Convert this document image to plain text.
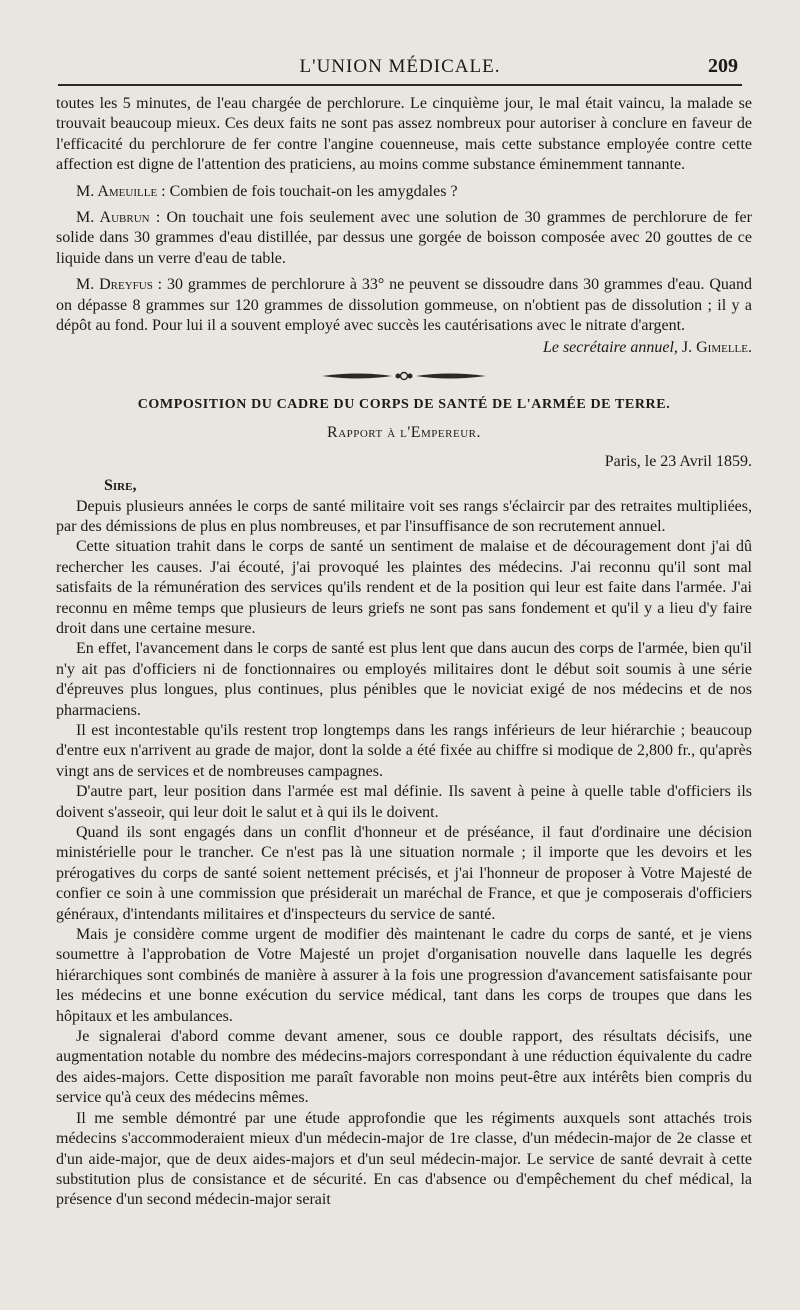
L'UNION MÉDICALE.	209

toutes les 5 minutes, de l'eau chargée de perchlorure. Le cinquième jour, le mal était vaincu, la malade se trouvait beaucoup mieux. Ces deux faits ne sont pas assez nombreux pour autoriser à conclure en faveur de l'efficacité du perchlorure de fer contre l'angine couenneuse, mais cette substance employée contre cette affection est digne de l'attention des praticiens, au moins comme substance éminemment tannante.

M. Ameuille : Combien de fois touchait-on les amygdales ?

M. Aubrun : On touchait une fois seulement avec une solution de 30 grammes de perchlorure de fer solide dans 30 grammes d'eau distillée, par dessus une gorgée de boisson composée avec 20 gouttes de ce liquide dans un verre d'eau de table.

M. Dreyfus : 30 grammes de perchlorure à 33° ne peuvent se dissoudre dans 30 grammes d'eau. Quand on dépasse 8 grammes sur 120 grammes de dissolution gommeuse, on n'obtient pas de dissolution ; il y a dépôt au fond. Pour lui il a souvent employé avec succès les cautérisations avec le nitrate d'argent.

Le secrétaire annuel, J. Gimelle.

COMPOSITION DU CADRE DU CORPS DE SANTÉ DE L'ARMÉE DE TERRE.

Rapport à l'Empereur.

Paris, le 23 Avril 1859.

Sire,

Depuis plusieurs années le corps de santé militaire voit ses rangs s'éclaircir par des retraites multipliées, par des démissions de plus en plus nombreuses, et par l'insuffisance de son recrutement annuel.

Cette situation trahit dans le corps de santé un sentiment de malaise et de découragement dont j'ai dû rechercher les causes. J'ai écouté, j'ai provoqué les plaintes des médecins. J'ai reconnu qu'il sont mal satisfaits de la rémunération des services qu'ils rendent et de la position qui leur est faite dans l'armée. J'ai reconnu en même temps que plusieurs de leurs griefs ne sont pas sans fondement et qu'il y a lieu d'y faire droit dans une certaine mesure.

En effet, l'avancement dans le corps de santé est plus lent que dans aucun des corps de l'armée, bien qu'il n'y ait pas d'officiers ni de fonctionnaires ou employés militaires dont le début soit soumis à une série d'épreuves plus longues, plus continues, plus pénibles que le noviciat exigé de nos médecins et de nos pharmaciens.

Il est incontestable qu'ils restent trop longtemps dans les rangs inférieurs de leur hiérarchie ; beaucoup d'entre eux n'arrivent au grade de major, dont la solde a été fixée au chiffre si modique de 2,800 fr., qu'après vingt ans de services et de nombreuses campagnes.

D'autre part, leur position dans l'armée est mal définie. Ils savent à peine à quelle table d'officiers ils doivent s'asseoir, qui leur doit le salut et à qui ils le doivent.

Quand ils sont engagés dans un conflit d'honneur et de préséance, il faut d'ordinaire une décision ministérielle pour le trancher. Ce n'est pas là une situation normale ; il importe que les devoirs et les prérogatives du corps de santé soient nettement précisés, et j'ai l'honneur de proposer à Votre Majesté de confier ce soin à une commission que présiderait un maréchal de France, et que je composerais d'officiers généraux, d'intendants militaires et d'inspecteurs du service de santé.

Mais je considère comme urgent de modifier dès maintenant le cadre du corps de santé, et je viens soumettre à l'approbation de Votre Majesté un projet d'organisation nouvelle dans laquelle les degrés hiérarchiques sont combinés de manière à assurer à la fois une progression d'avancement satisfaisante pour les médecins et une bonne exécution du service médical, tant dans les corps de troupes que dans les hôpitaux et les ambulances.

Je signalerai d'abord comme devant amener, sous ce double rapport, des résultats décisifs, une augmentation notable du nombre des médecins-majors correspondant à une réduction équivalente du cadre des aides-majors. Cette disposition me paraît favorable non moins peut-être aux intérêts bien compris du service qu'à ceux des médecins mêmes.

Il me semble démontré par une étude approfondie que les régiments auxquels sont attachés trois médecins s'accommoderaient mieux d'un médecin-major de 1re classe, d'un médecin-major de 2e classe et d'un aide-major, que de deux aides-majors et d'un seul médecin-major. Le service de santé devrait à cette substitution plus de consistance et de sécurité. En cas d'absence ou d'empêchement du chef médical, la présence d'un second médecin-major serait
